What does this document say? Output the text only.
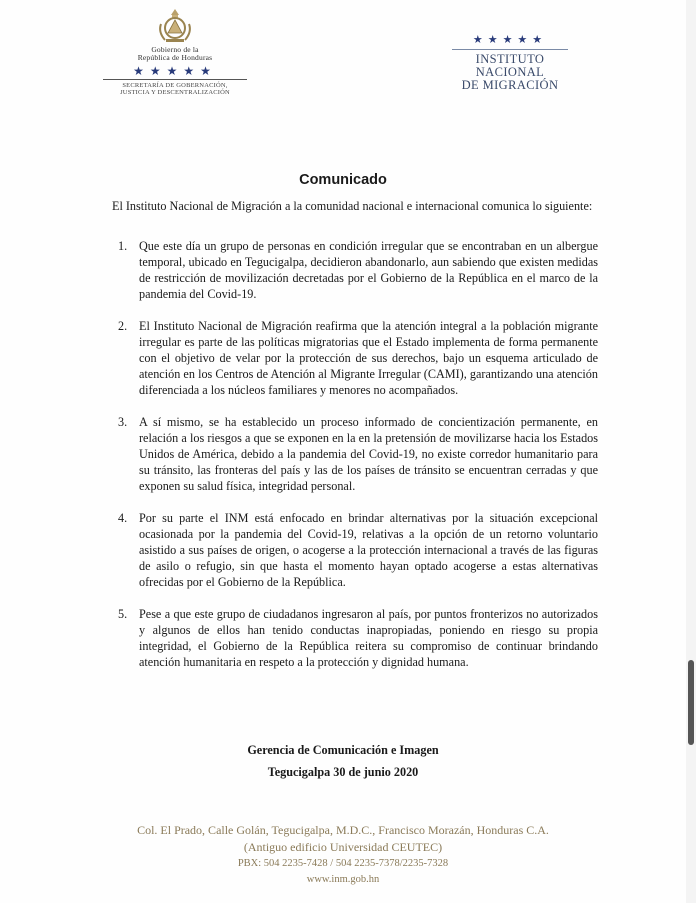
Gobierno de la
República de Honduras
★★★★★
SECRETARÍA DE GOBERNACIÓN,
JUSTICIA Y DESCENTRALIZACIÓN
★★★★★
INSTITUTO NACIONAL
DE MIGRACIÓN
Comunicado
El Instituto Nacional de Migración a la comunidad nacional e internacional comunica lo siguiente:
1. Que este día un grupo de personas en condición irregular que se encontraban en un albergue temporal, ubicado en Tegucigalpa, decidieron abandonarlo, aun sabiendo que existen medidas de restricción de movilización decretadas por el Gobierno de la República en el marco de la pandemia del Covid-19.
2. El Instituto Nacional de Migración reafirma que la atención integral a la población migrante irregular es parte de las políticas migratorias que el Estado implementa de forma permanente con el objetivo de velar por la protección de sus derechos, bajo un esquema articulado de atención en los Centros de Atención al Migrante Irregular (CAMI), garantizando una atención diferenciada a los núcleos familiares y menores no acompañados.
3. A sí mismo, se ha establecido un proceso informado de concientización permanente, en relación a los riesgos a que se exponen en la en la pretensión de movilizarse hacia los Estados Unidos de América, debido a la pandemia del Covid-19, no existe corredor humanitario para su tránsito, las fronteras del país y las de los países de tránsito se encuentran cerradas y que exponen su salud física, integridad personal.
4. Por su parte el INM está enfocado en brindar alternativas por la situación excepcional ocasionada por la pandemia del Covid-19, relativas a la opción de un retorno voluntario asistido a sus países de origen, o acogerse a la protección internacional a través de las figuras de asilo o refugio, sin que hasta el momento hayan optado acogerse a estas alternativas ofrecidas por el Gobierno de la República.
5. Pese a que este grupo de ciudadanos ingresaron al país, por puntos fronterizos no autorizados y algunos de ellos han tenido conductas inapropiadas, poniendo en riesgo su propia integridad, el Gobierno de la República reitera su compromiso de continuar brindando atención humanitaria en respeto a la protección y dignidad humana.
Gerencia de Comunicación e Imagen
Tegucigalpa 30 de junio 2020
Col. El Prado, Calle Golán, Tegucigalpa, M.D.C., Francisco Morazán, Honduras C.A.
(Antiguo edificio Universidad CEUTEC)
PBX: 504 2235-7428 / 504 2235-7378/2235-7328
www.inm.gob.hn
